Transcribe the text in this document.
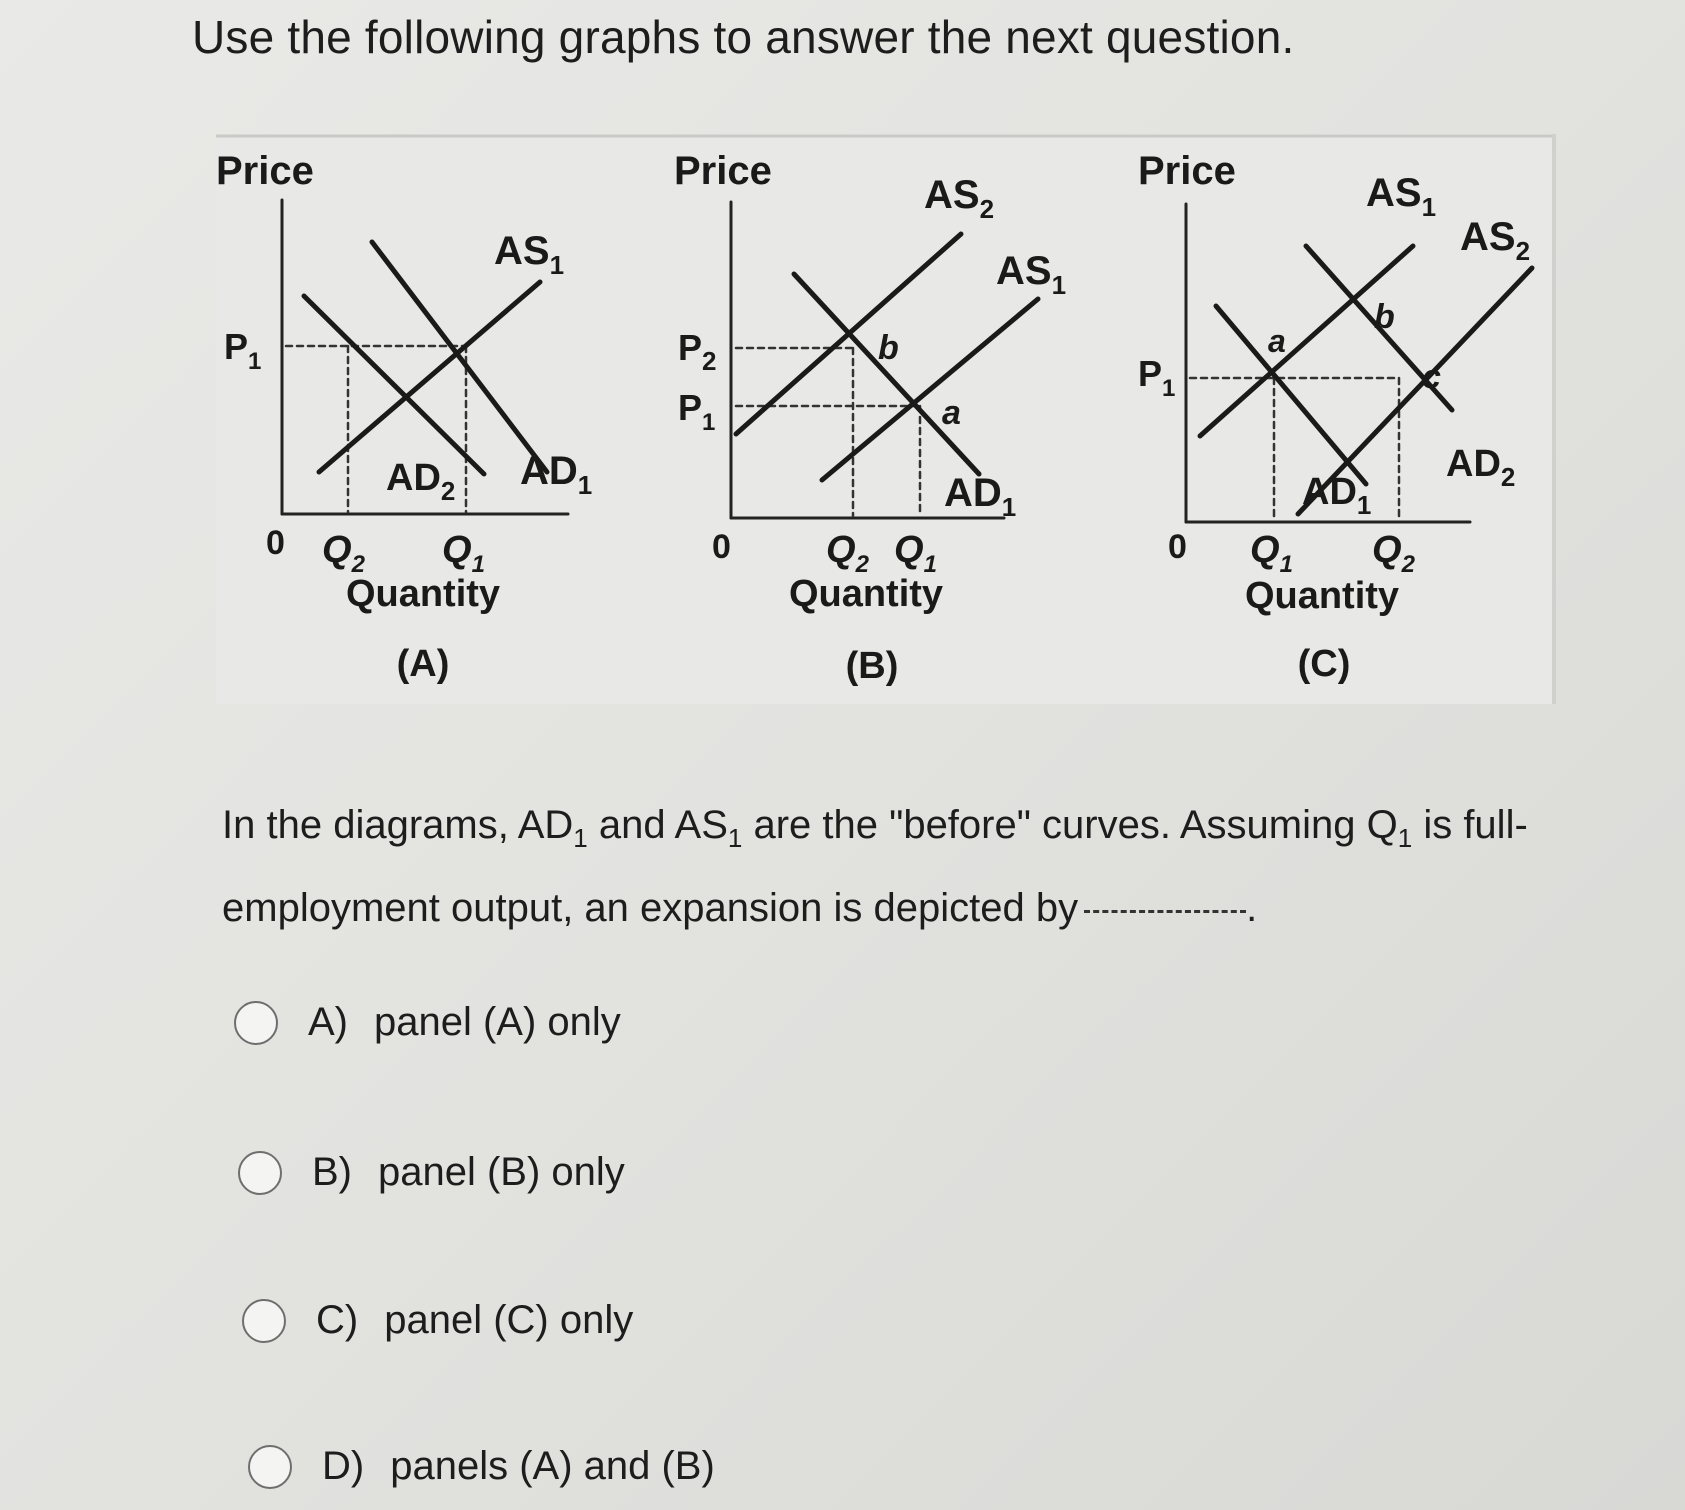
Use the following graphs to answer the next question.
Price
$AS_1$
$AD_1$
$AD_2$
$P_1$
0 $Q_2$ $Q_1$
Quantity
(A)
Price
$AS_2$
$AS_1$
$AD_1$
b
a
$P_2$
$P_1$
0	$Q_2$ $Q_1$
Quantity
(B)
Price	$AS_1$
$AS_2$
$AD_2$
$AD_1$
a
b
c
$P_1$
0 $Q_1$ $Q_2$
Quantity
(C)
In the diagrams, $AD_1$ and $AS_1$ are the "before" curves. Assuming $Q_1$ is full-employment output, an expansion is depicted by	.
A) panel (A) only
B) panel (B) only
C) panel (C) only
D) panels (A) and (B)
